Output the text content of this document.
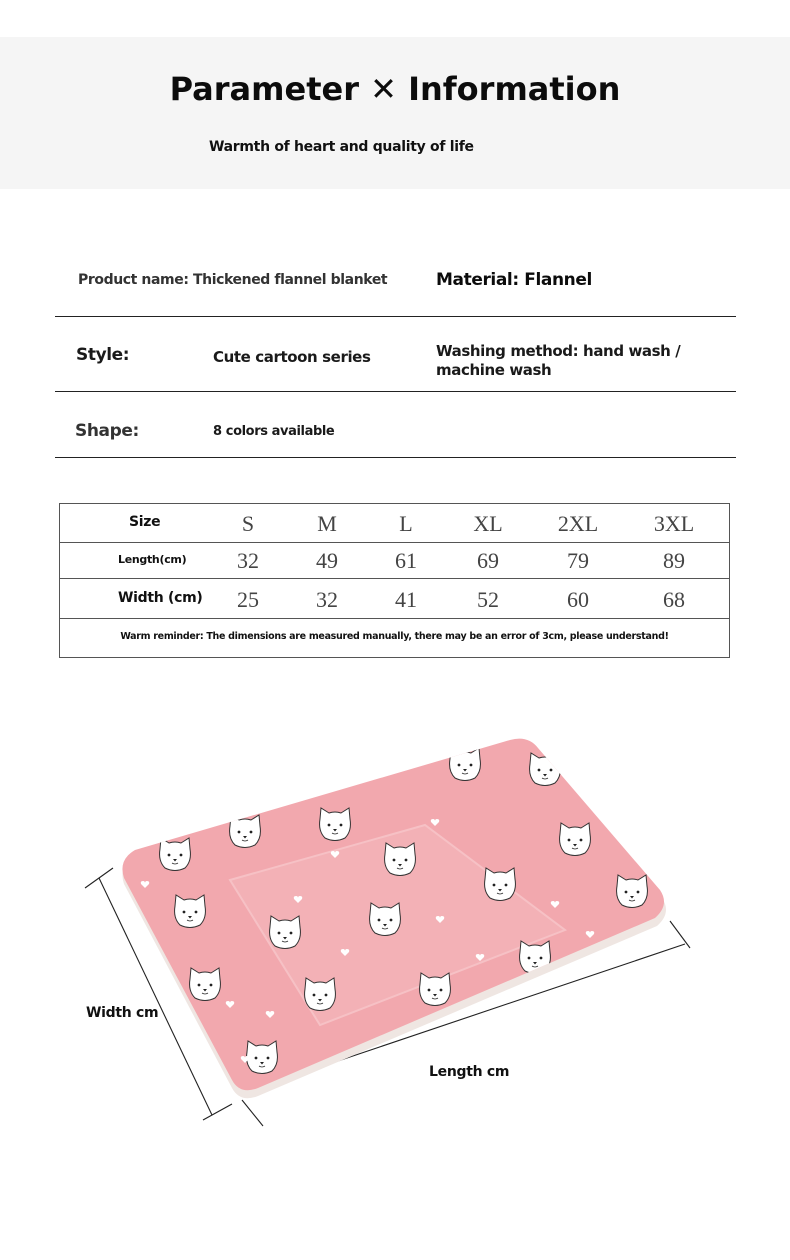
Parameter ✕ Information
Warmth of heart and quality of life
Product name: Thickened flannel blanket	Material: Flannel
Style:	Cute cartoon series	Washing method: hand wash /
machine wash
Shape:	8 colors available
Size	S	M	L	XL	2XL	3XL
Length(cm)	32	49	61	69	79	89
Width (cm)	25	32	41	52	60	68
Warm reminder: The dimensions are measured manually, there may be an error of 3cm, please understand!
Width cm
Length cm
